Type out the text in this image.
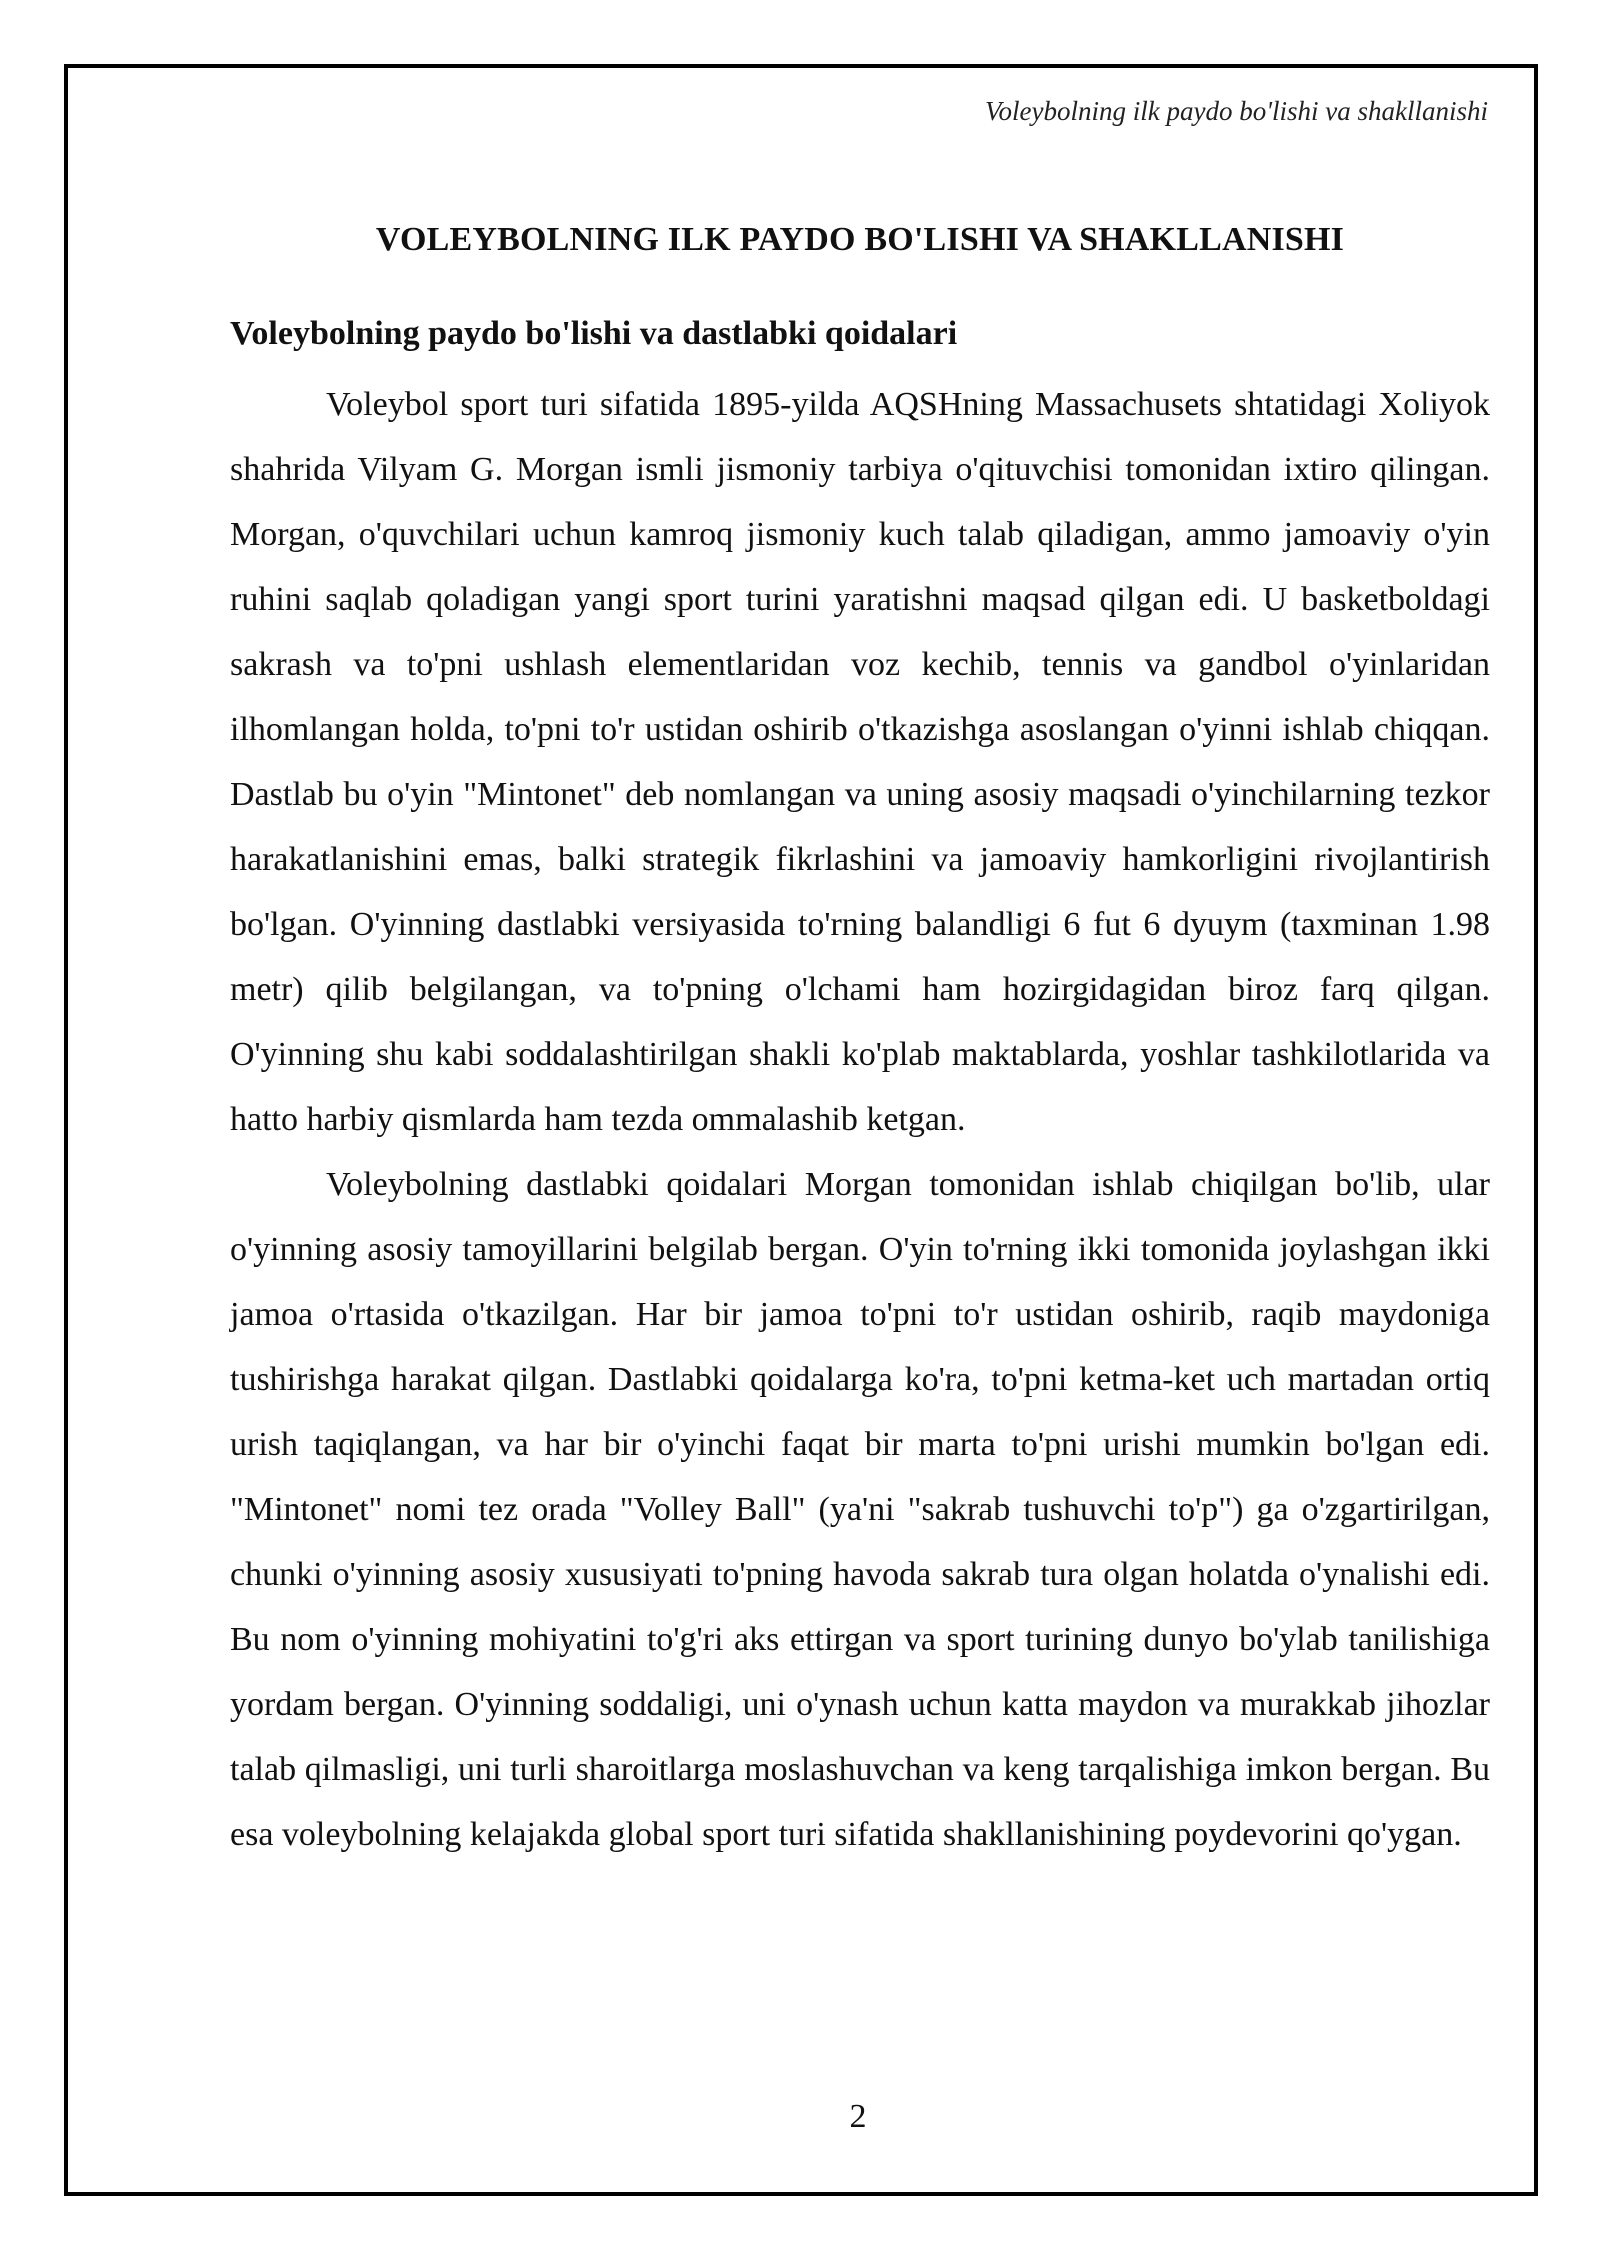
Voleybolning ilk paydo bo'lishi va shakllanishi
VOLEYBOLNING ILK PAYDO BO'LISHI VA SHAKLLANISHI
Voleybolning paydo bo'lishi va dastlabki qoidalari

Voleybol sport turi sifatida 1895-yilda AQSHning Massachusets shtatidagi Xoliyok shahrida Vilyam G. Morgan ismli jismoniy tarbiya o'qituvchisi tomonidan ixtiro qilingan. Morgan, o'quvchilari uchun kamroq jismoniy kuch talab qiladigan, ammo jamoaviy o'yin ruhini saqlab qoladigan yangi sport turini yaratishni maqsad qilgan edi. U basketboldagi sakrash va to'pni ushlash elementlaridan voz kechib, tennis va gandbol o'yinlaridan ilhomlangan holda, to'pni to'r ustidan oshirib o'tkazishga asoslangan o'yinni ishlab chiqqan. Dastlab bu o'yin "Mintonet" deb nomlangan va uning asosiy maqsadi o'yinchilarning tezkor harakatlanishini emas, balki strategik fikrlashini va jamoaviy hamkorligini rivojlantirish bo'lgan. O'yinning dastlabki versiyasida to'rning balandligi 6 fut 6 dyuym (taxminan 1.98 metr) qilib belgilangan, va to'pning o'lchami ham hozirgidagidan biroz farq qilgan. O'yinning shu kabi soddalashtirilgan shakli ko'plab maktablarda, yoshlar tashkilotlarida va hatto harbiy qismlarda ham tezda ommalashib ketgan.

Voleybolning dastlabki qoidalari Morgan tomonidan ishlab chiqilgan bo'lib, ular o'yinning asosiy tamoyillarini belgilab bergan. O'yin to'rning ikki tomonida joylashgan ikki jamoa o'rtasida o'tkazilgan. Har bir jamoa to'pni to'r ustidan oshirib, raqib maydoniga tushirishga harakat qilgan. Dastlabki qoidalarga ko'ra, to'pni ketma-ket uch martadan ortiq urish taqiqlangan, va har bir o'yinchi faqat bir marta to'pni urishi mumkin bo'lgan edi. "Mintonet" nomi tez orada "Volley Ball" (ya'ni "sakrab tushuvchi to'p") ga o'zgartirilgan, chunki o'yinning asosiy xususiyati to'pning havoda sakrab tura olgan holatda o'ynalishi edi. Bu nom o'yinning mohiyatini to'g'ri aks ettirgan va sport turining dunyo bo'ylab tanilishiga yordam bergan. O'yinning soddaligi, uni o'ynash uchun katta maydon va murakkab jihozlar talab qilmasligi, uni turli sharoitlarga moslashuvchan va keng tarqalishiga imkon bergan. Bu esa voleybolning kelajakda global sport turi sifatida shakllanishining poydevorini qo'ygan.

2
